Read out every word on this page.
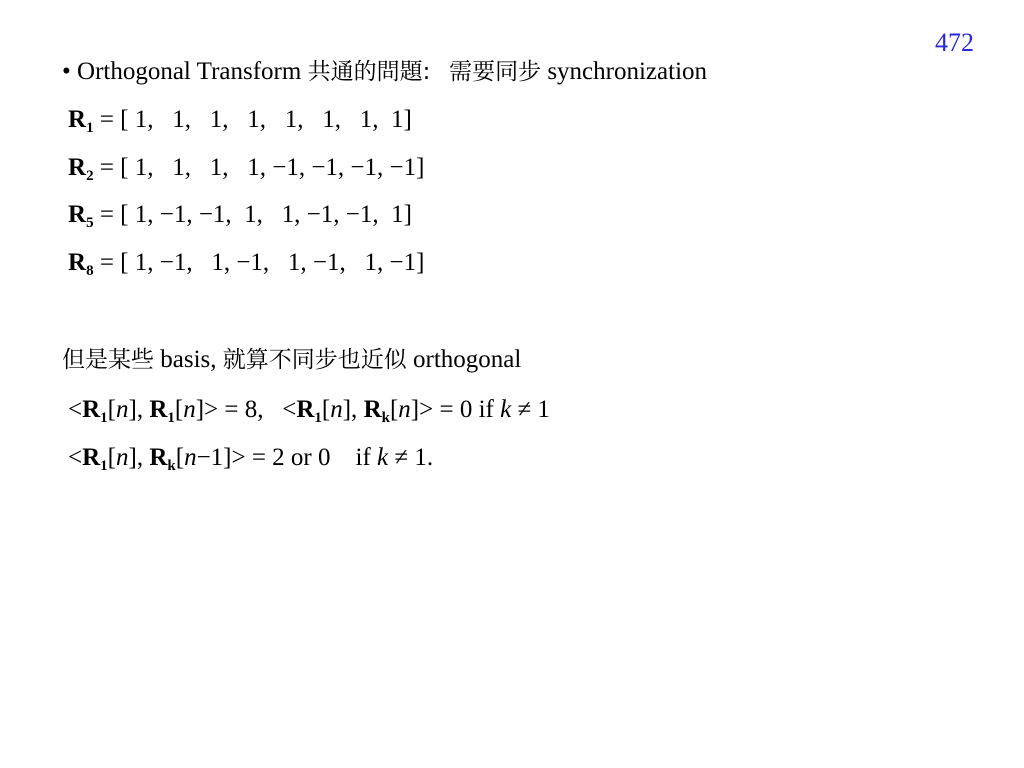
472
• Orthogonal Transform 共通的問題: 需要同步 synchronization
$R_1$ = [ 1,   1,   1,   1,   1,   1,   1,  1]
$R_2$ = [ 1,   1,   1,   1, −1, −1, −1, −1]
$R_5$ = [ 1, −1, −1,  1,   1, −1, −1,  1]
$R_8$ = [ 1, −1,   1, −1,   1, −1,   1, −1]
但是某些 basis, 就算不同步也近似 orthogonal
$<R_1[n]$, $R_1[n]> = 8$,   $<R_1[n]$, $R_k[n]> = 0$ if k ≠ 1
$<R_1[n]$, $R_k[n-1]> = 2$ or 0    if k ≠ 1.
